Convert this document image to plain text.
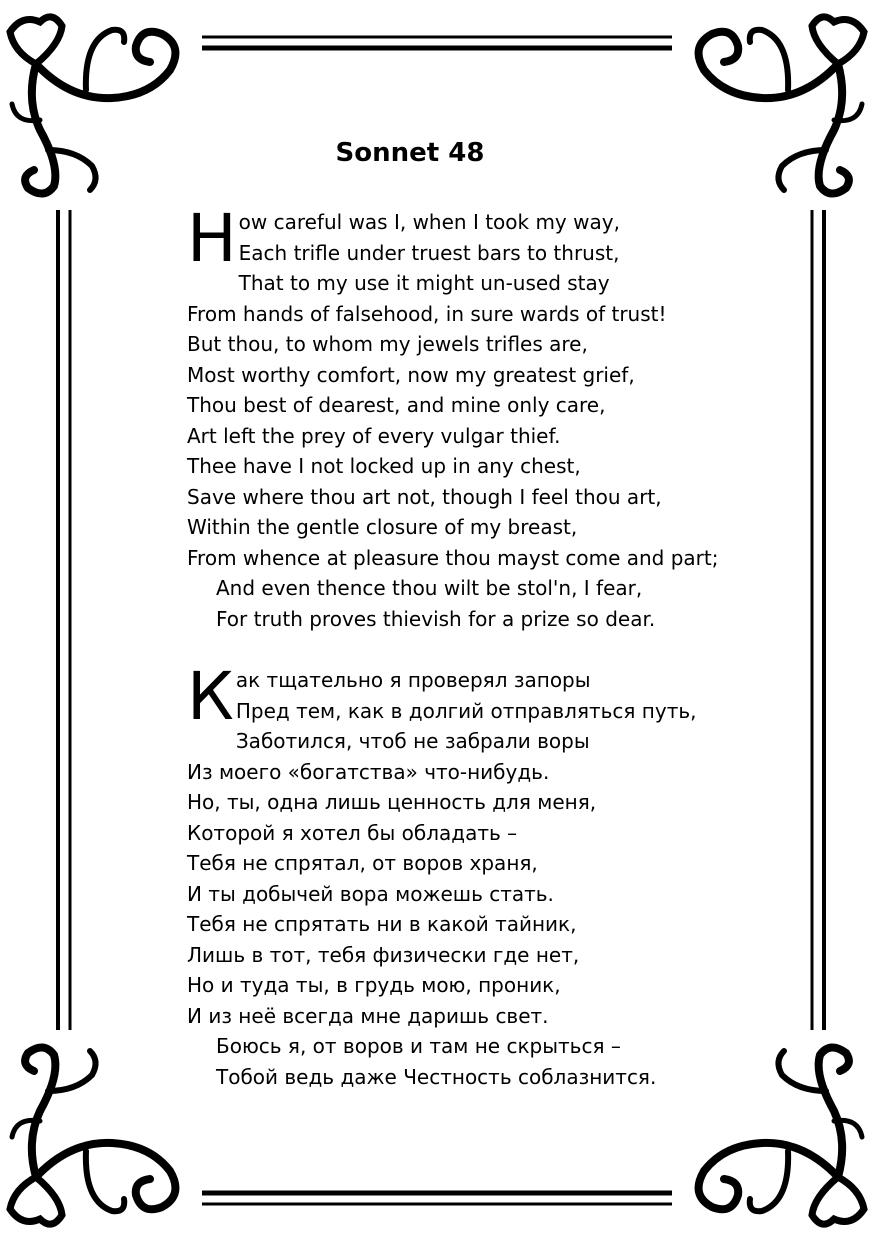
Sonnet 48
H ow careful was I, when I took my way,
Each trifle under truest bars to thrust,
That to my use it might un-used stay
From hands of falsehood, in sure wards of trust!
But thou, to whom my jewels trifles are,
Most worthy comfort, now my greatest grief,
Thou best of dearest, and mine only care,
Art left the prey of every vulgar thief.
Thee have I not locked up in any chest,
Save where thou art not, though I feel thou art,
Within the gentle closure of my breast,
From whence at pleasure thou mayst come and part;
And even thence thou wilt be stol'n, I fear,
For truth proves thievish for a prize so dear.
К ак тщательно я проверял запоры
Пред тем, как в долгий отправляться путь,
Заботился, чтоб не забрали воры
Из моего «богатства» что-нибудь.
Но, ты, одна лишь ценность для меня,
Которой я хотел бы обладать –
Тебя не спрятал, от воров храня,
И ты добычей вора можешь стать.
Тебя не спрятать ни в какой тайник,
Лишь в тот, тебя физически где нет,
Но и туда ты, в грудь мою, проник,
И из неё всегда мне даришь свет.
Боюсь я, от воров и там не скрыться –
Тобой ведь даже Честность соблазнится.
